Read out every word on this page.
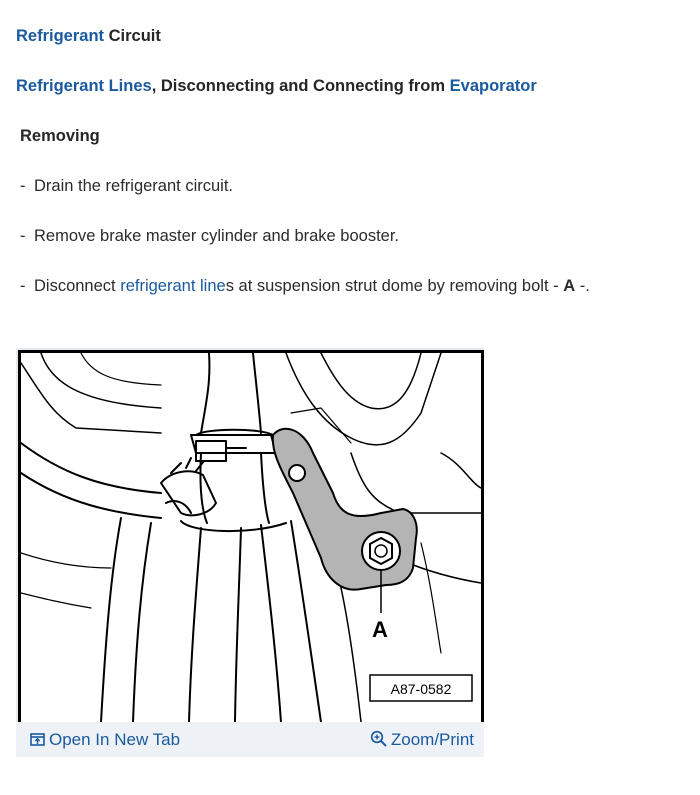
Refrigerant Circuit
Refrigerant Lines, Disconnecting and Connecting from Evaporator
Removing
- Drain the refrigerant circuit.
- Remove brake master cylinder and brake booster.
- Disconnect refrigerant lines at suspension strut dome by removing bolt - A -.
A
A87-0582
Open In New Tab	Zoom/Print
